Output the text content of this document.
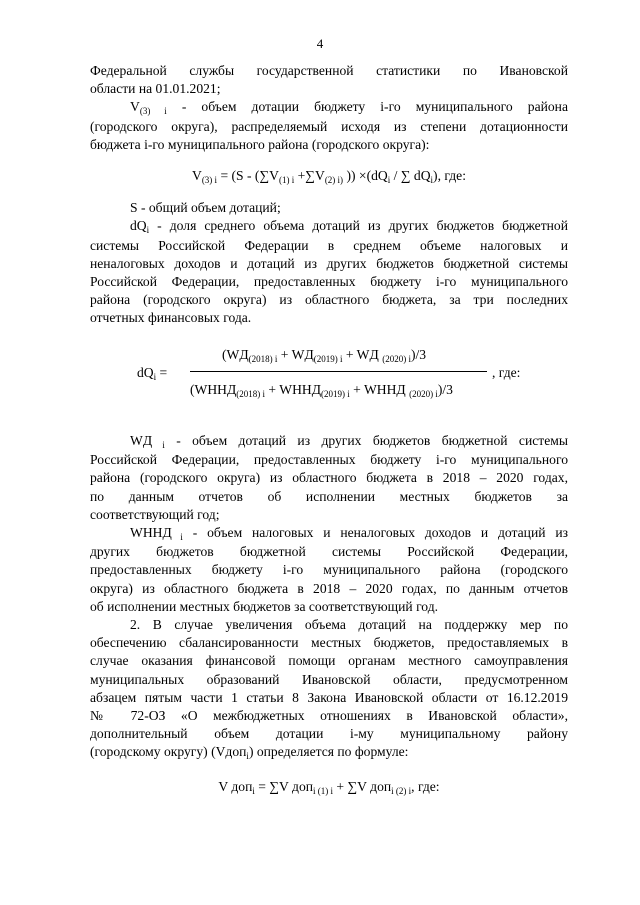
4
Федеральной службы государственной статистики по Ивановской
области на 01.01.2021;
$V_{(3) i}$ - объем дотации бюджету i-го муниципального района
(городского округа), распределяемый исходя из степени дотационности
бюджета i-го муниципального района (городского округа):
$V_{(3) i} = (S - (\sum V_{(1) i} +\sum V_{(2) i)}$ )) $\times(dQ_i$ / ∑ $dQ_i$), где:
S - общий объем дотаций;
$dQ_i$ - доля среднего объема дотаций из других бюджетов бюджетной
системы Российской Федерации в среднем объеме налоговых и
неналоговых доходов и дотаций из других бюджетов бюджетной системы
Российской Федерации, предоставленных бюджету i-го муниципального
района (городского округа) из областного бюджета, за три последних
отчетных финансовых года.
($WД_{(2018) i} + WД_{(2019) i}$ + WД $_{(2020) i}$)/3
$dQ_i$ =	, где:
($WННД_{(2018) i}$ + $WННД_{(2019) i}$ + WННД $_{(2020) i}$)/3
WД $_i$ - объем дотаций из других бюджетов бюджетной системы
Российской Федерации, предоставленных бюджету i-го муниципального
района (городского округа) из областного бюджета в 2018 – 2020 годах,
по данным отчетов об исполнении местных бюджетов за
соответствующий год;
WННД $_i$ - объем налоговых и неналоговых доходов и дотаций из
других бюджетов бюджетной системы Российской Федерации,
предоставленных бюджету i-го муниципального района (городского
округа) из областного бюджета в 2018 – 2020 годах, по данным отчетов
об исполнении местных бюджетов за соответствующий год.
2. В случае увеличения объема дотаций на поддержку мер по
обеспечению сбалансированности местных бюджетов, предоставляемых в
случае оказания финансовой помощи органам местного самоуправления
муниципальных образований Ивановской области, предусмотренном
абзацем пятым части 1 статьи 8 Закона Ивановской области от 16.12.2019
№ 72-ОЗ «О межбюджетных отношениях в Ивановской области»,
дополнительный объем дотации i-му муниципальному району
(городскому округу) (Vдоп$_i$) определяется по формуле:
V доп$_i$ = ∑V доп$_{i (1) i}$ + ∑V доп$_{i (2) i}$, где:
